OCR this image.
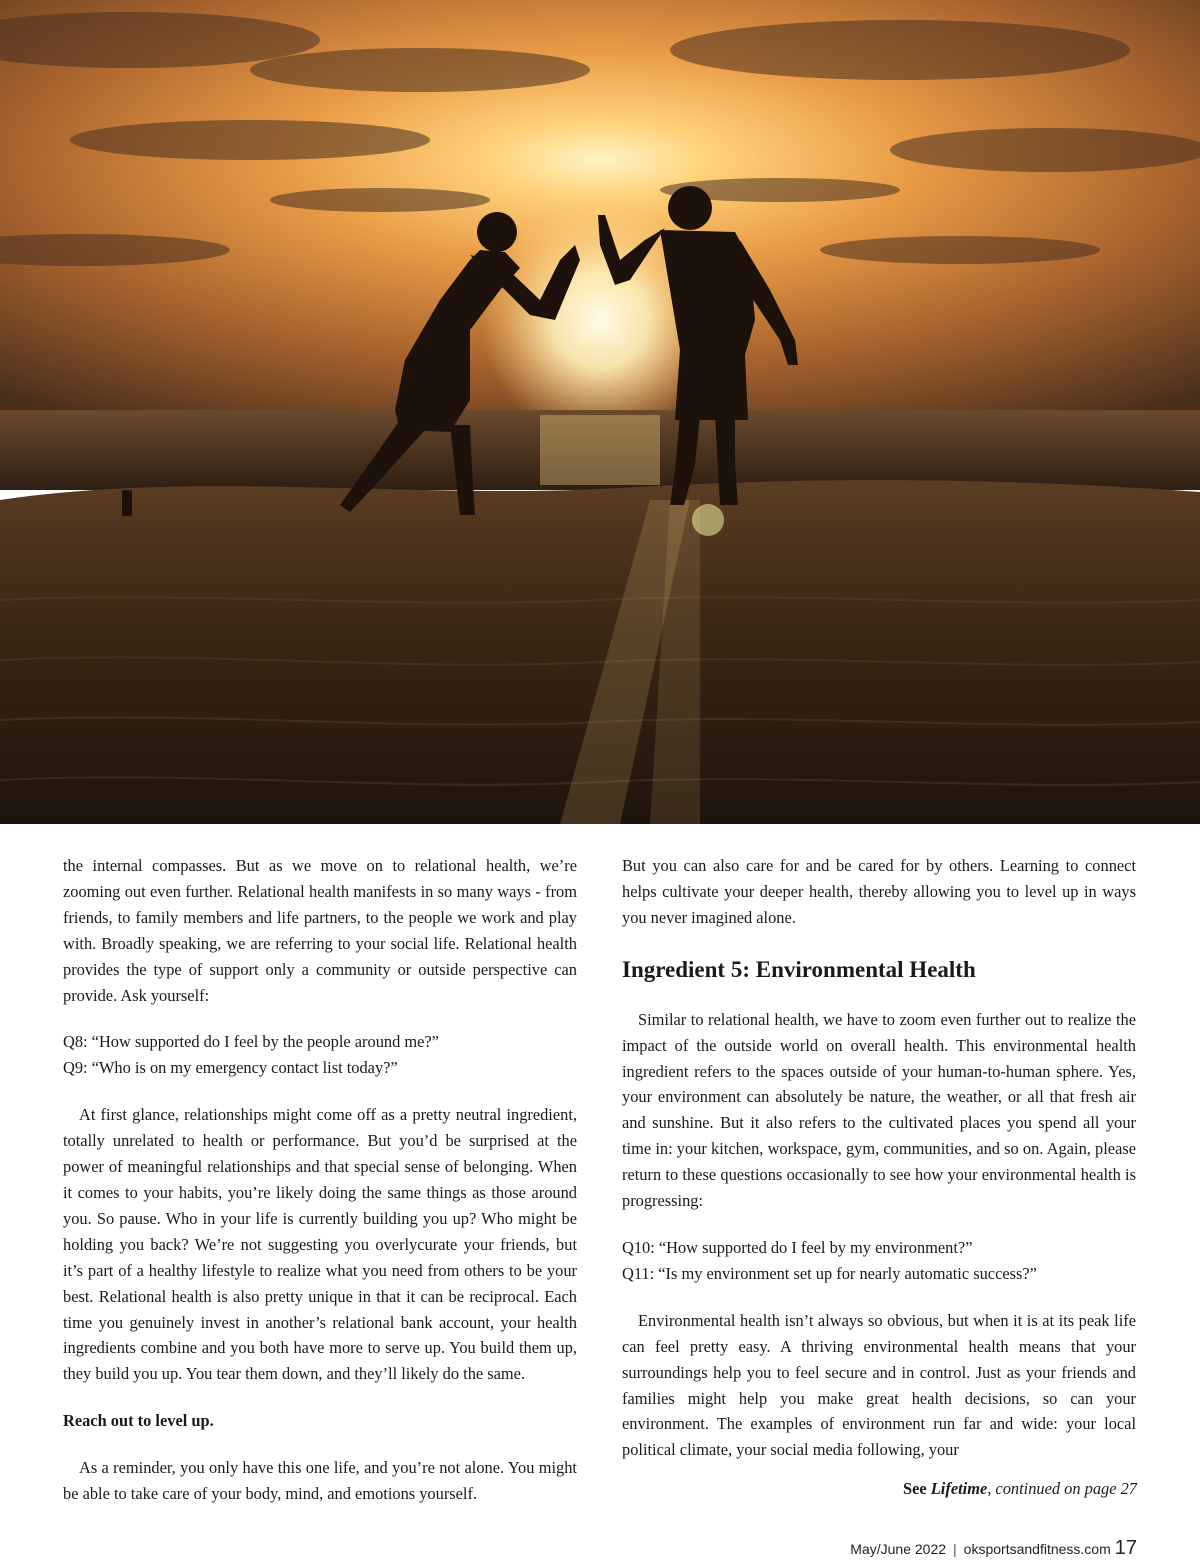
the internal compasses. But as we move on to relational health, we’re zooming out even further. Relational health manifests in so many ways - from friends, to family members and life partners, to the people we work and play with. Broadly speaking, we are referring to your social life. Relational health provides the type of support only a community or outside perspective can provide. Ask yourself:

Q8: “How supported do I feel by the people around me?”

Q9: “Who is on my emergency contact list today?”

At first glance, relationships might come off as a pretty neutral ingredient, totally unrelated to health or performance. But you’d be surprised at the power of meaningful relationships and that special sense of belonging. When it comes to your habits, you’re likely doing the same things as those around you. So pause. Who in your life is currently building you up? Who might be holding you back? We’re not suggesting you overlycurate your friends, but it’s part of a healthy lifestyle to realize what you need from others to be your best. Relational health is also pretty unique in that it can be reciprocal. Each time you genuinely invest in another’s relational bank account, your health ingredients combine and you both have more to serve up. You build them up, they build you up. You tear them down, and they’ll likely do the same.

Reach out to level up.

As a reminder, you only have this one life, and you’re not alone. You might be able to take care of your body, mind, and emotions yourself.

But you can also care for and be cared for by others. Learning to connect helps cultivate your deeper health, thereby allowing you to level up in ways you never imagined alone.

Ingredient 5: Environmental Health

Similar to relational health, we have to zoom even further out to realize the impact of the outside world on overall health. This environmental health ingredient refers to the spaces outside of your human-to-human sphere. Yes, your environment can absolutely be nature, the weather, or all that fresh air and sunshine. But it also refers to the cultivated places you spend all your time in: your kitchen, workspace, gym, communities, and so on. Again, please return to these questions occasionally to see how your environmental health is progressing:

Q10: “How supported do I feel by my environment?”

Q11: “Is my environment set up for nearly automatic success?”

Environmental health isn’t always so obvious, but when it is at its peak life can feel pretty easy. A thriving environmental health means that your surroundings help you to feel secure and in control. Just as your friends and families might help you make great health decisions, so can your environment. The examples of environment run far and wide: your local political climate, your social media following, your

See Lifetime, continued on page 27
May/June 2022 | oksportsandfitness.com 17
